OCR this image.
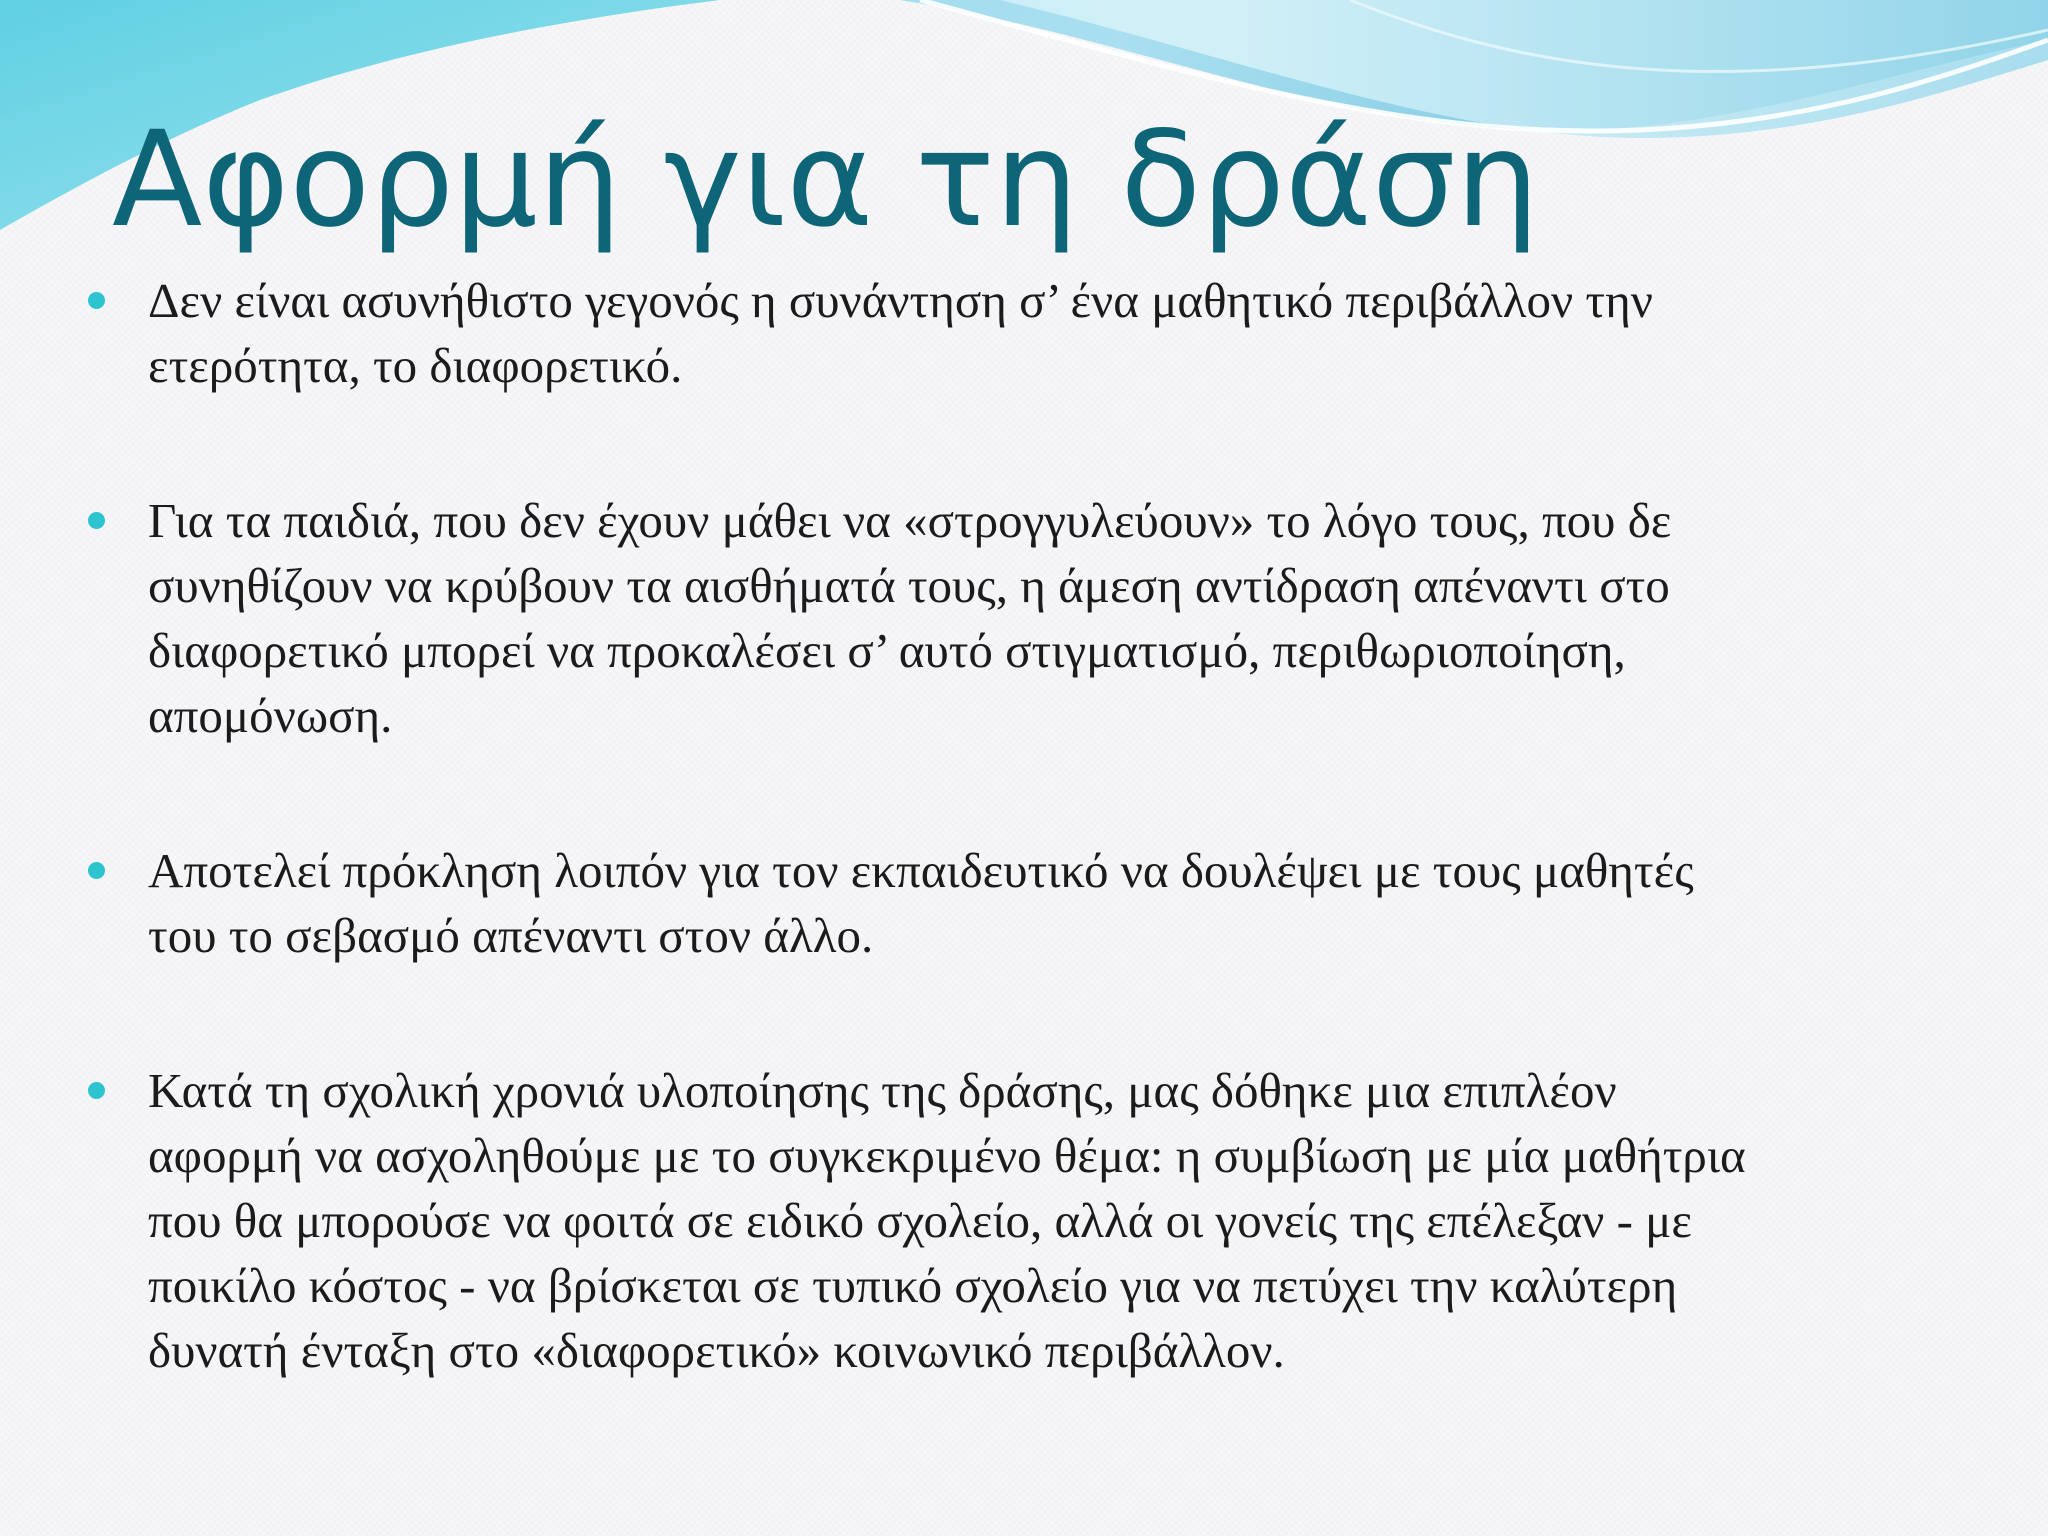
Αφορμή για τη δράση
Δεν είναι ασυνήθιστο γεγονός η συνάντηση σ’ ένα μαθητικό περιβάλλον την
ετερότητα, το διαφορετικό.
Για τα παιδιά, που δεν έχουν μάθει να «στρογγυλεύουν» το λόγο τους, που δε
συνηθίζουν να κρύβουν τα αισθήματά τους, η άμεση αντίδραση απέναντι στο
διαφορετικό μπορεί να προκαλέσει σ’ αυτό στιγματισμό, περιθωριοποίηση,
απομόνωση.
Αποτελεί πρόκληση λοιπόν για τον εκπαιδευτικό να δουλέψει με τους μαθητές
του το σεβασμό απέναντι στον άλλο.
Κατά τη σχολική χρονιά υλοποίησης της δράσης, μας δόθηκε μια επιπλέον
αφορμή να ασχοληθούμε με το συγκεκριμένο θέμα: η συμβίωση με μία μαθήτρια
που θα μπορούσε να φοιτά σε ειδικό σχολείο, αλλά οι γονείς της επέλεξαν - με
ποικίλο κόστος - να βρίσκεται σε τυπικό σχολείο για να πετύχει την καλύτερη
δυνατή ένταξη στο «διαφορετικό» κοινωνικό περιβάλλον.
